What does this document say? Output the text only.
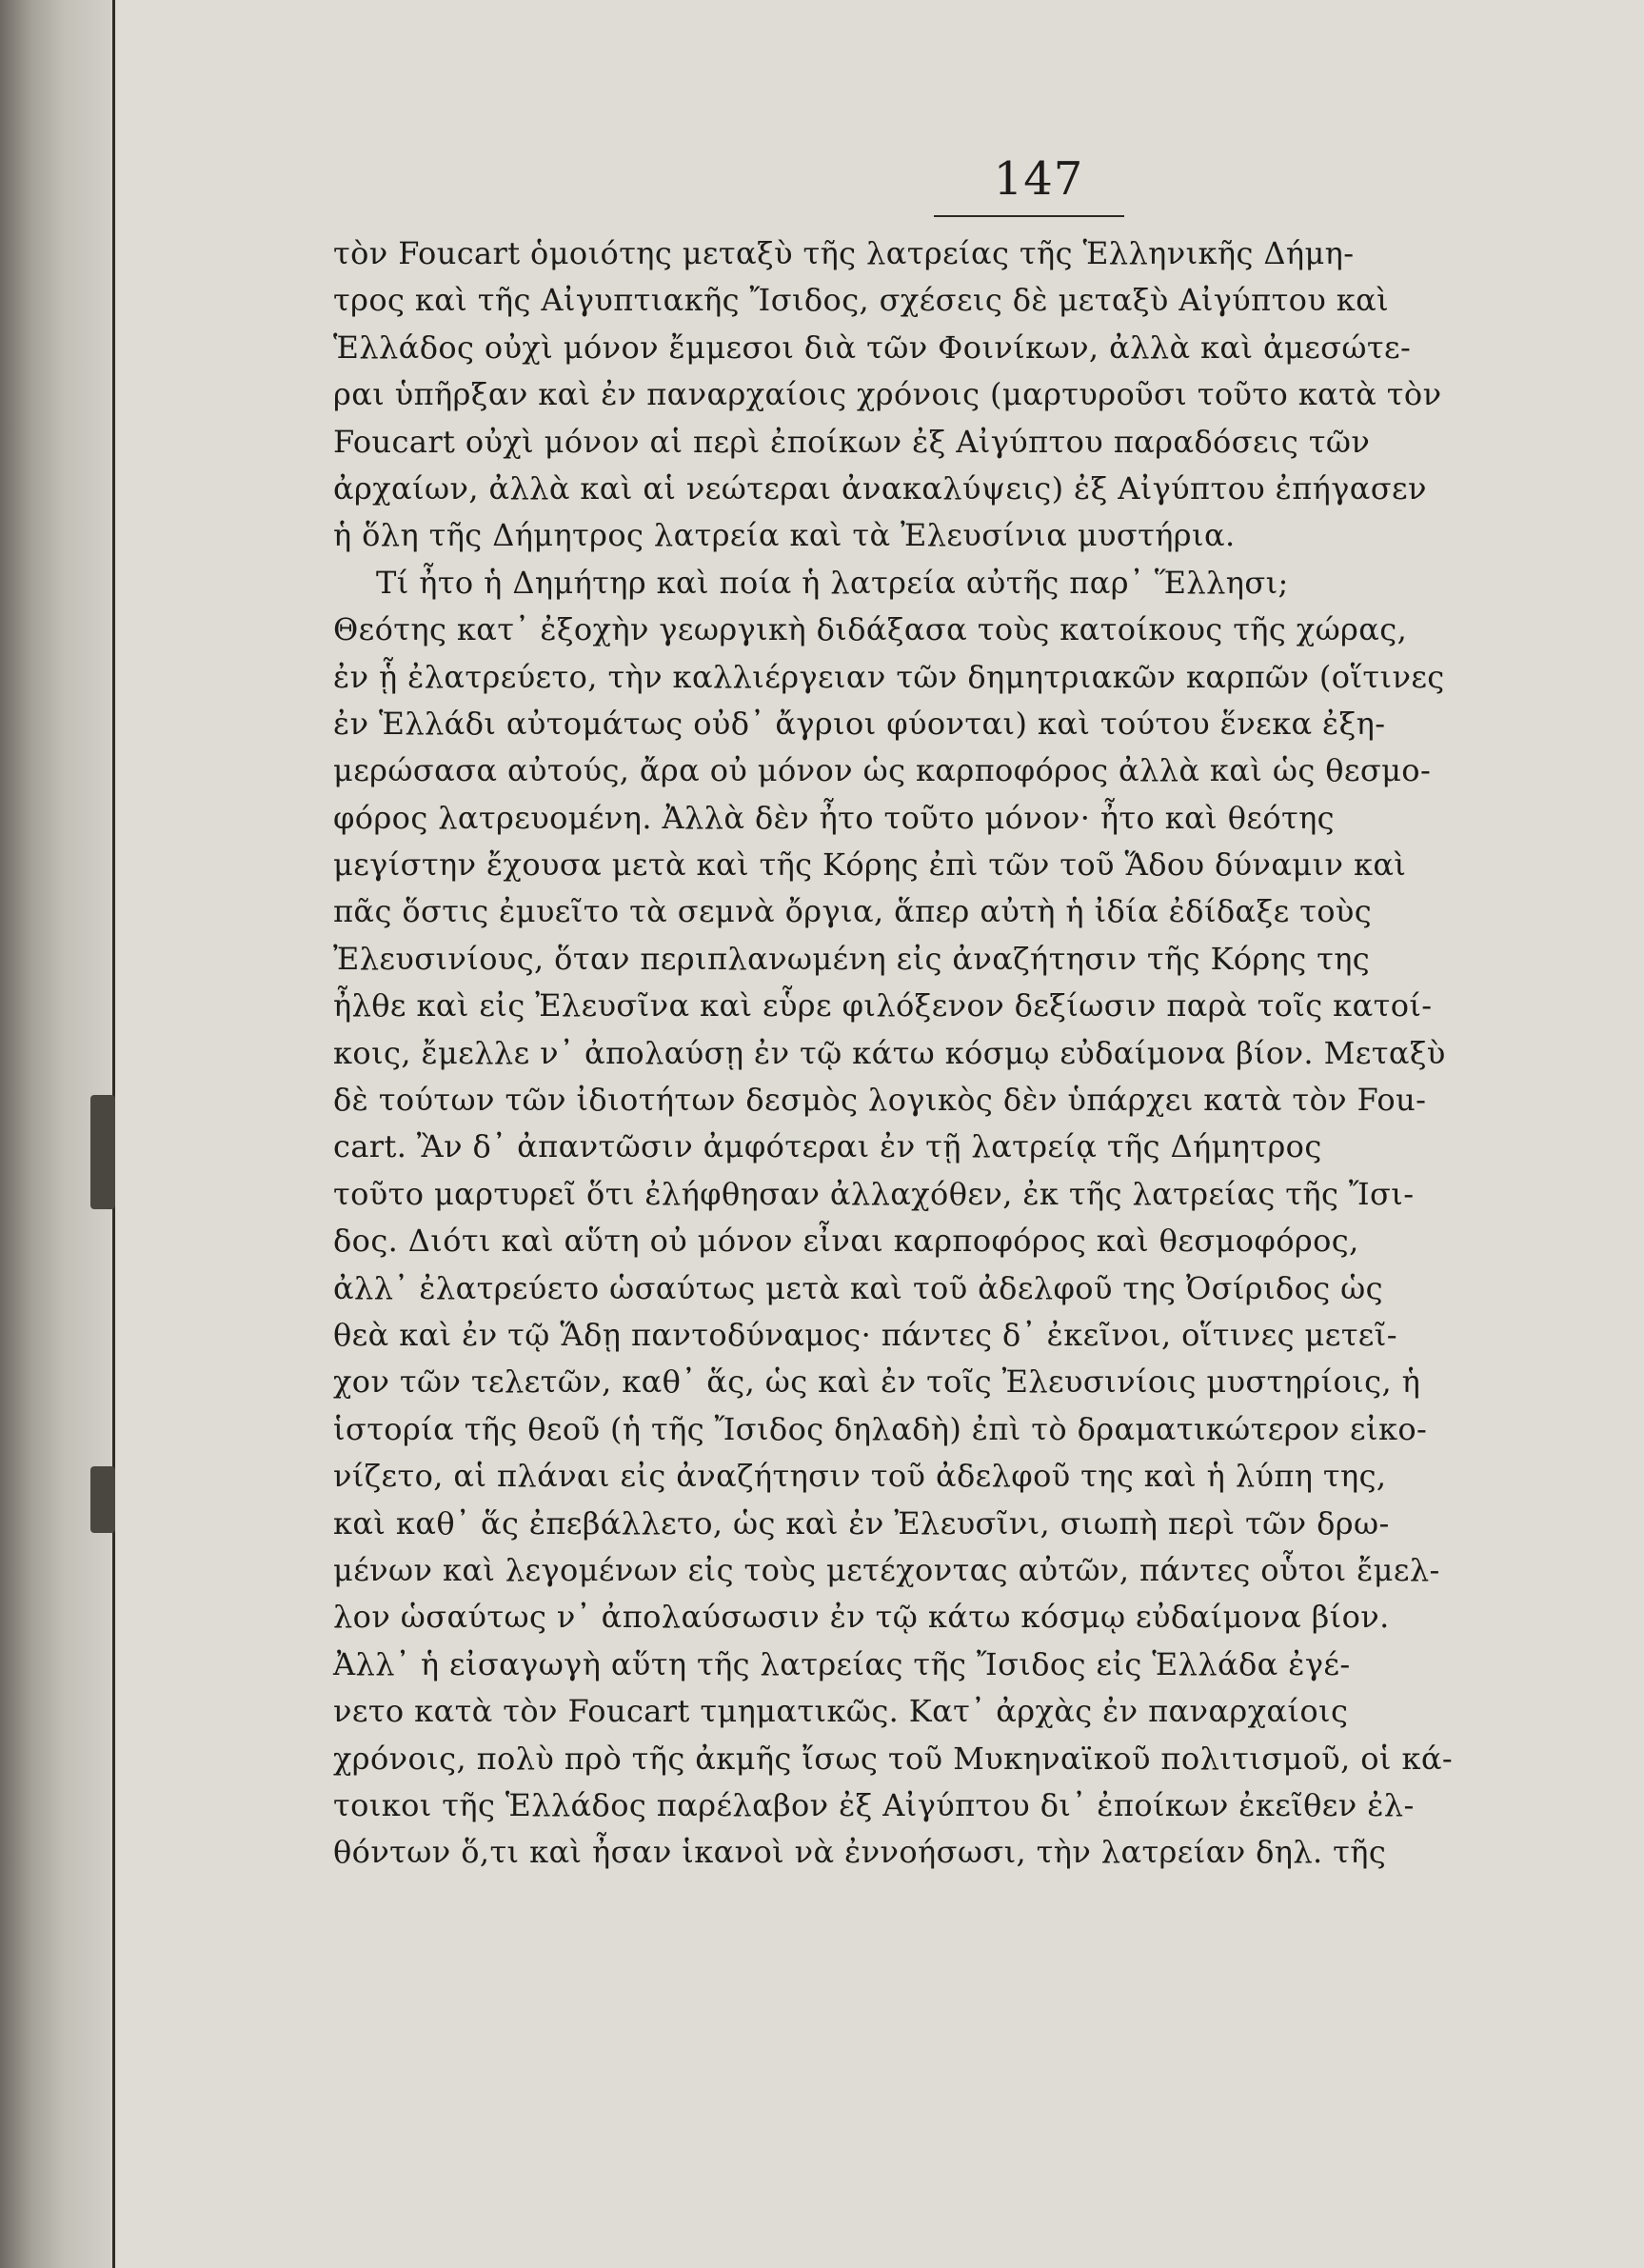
147
τὸν Foucart ὁμοιότης μεταξὺ τῆς λατρείας τῆς Ἑλληνικῆς Δήμη-
τρος καὶ τῆς Αἰγυπτιακῆς Ἴσιδος, σχέσεις δὲ μεταξὺ Αἰγύπτου καὶ
Ἑλλάδος οὐχὶ μόνον ἔμμεσοι διὰ τῶν Φοινίκων, ἀλλὰ καὶ ἀμεσώτε-
ραι ὑπῆρξαν καὶ ἐν παναρχαίοις χρόνοις (μαρτυροῦσι τοῦτο κατὰ τὸν
Foucart οὐχὶ μόνον αἱ περὶ ἐποίκων ἐξ Αἰγύπτου παραδόσεις τῶν
ἀρχαίων, ἀλλὰ καὶ αἱ νεώτεραι ἀνακαλύψεις) ἐξ Αἰγύπτου ἐπήγασεν
ἡ ὅλη τῆς Δήμητρος λατρεία καὶ τὰ Ἐλευσίνια μυστήρια.
Τί ἦτο ἡ Δημήτηρ καὶ ποία ἡ λατρεία αὐτῆς παρ᾽ Ἕλλησι;
Θεότης κατ᾽ ἐξοχὴν γεωργικὴ διδάξασα τοὺς κατοίκους τῆς χώρας,
ἐν ᾗ ἐλατρεύετο, τὴν καλλιέργειαν τῶν δημητριακῶν καρπῶν (οἵτινες
ἐν Ἑλλάδι αὐτομάτως οὐδ᾽ ἄγριοι φύονται) καὶ τούτου ἕνεκα ἐξη-
μερώσασα αὐτούς, ἄρα οὐ μόνον ὡς καρποφόρος ἀλλὰ καὶ ὡς θεσμο-
φόρος λατρευομένη. Ἀλλὰ δὲν ἦτο τοῦτο μόνον· ἦτο καὶ θεότης
μεγίστην ἔχουσα μετὰ καὶ τῆς Κόρης ἐπὶ τῶν τοῦ Ἅδου δύναμιν καὶ
πᾶς ὅστις ἐμυεῖτο τὰ σεμνὰ ὄργια, ἅπερ αὐτὴ ἡ ἰδία ἐδίδαξε τοὺς
Ἐλευσινίους, ὅταν περιπλανωμένη εἰς ἀναζήτησιν τῆς Κόρης της
ἦλθε καὶ εἰς Ἐλευσῖνα καὶ εὗρε φιλόξενον δεξίωσιν παρὰ τοῖς κατοί-
κοις, ἔμελλε ν᾽ ἀπολαύσῃ ἐν τῷ κάτω κόσμῳ εὐδαίμονα βίον. Μεταξὺ
δὲ τούτων τῶν ἰδιοτήτων δεσμὸς λογικὸς δὲν ὑπάρχει κατὰ τὸν Fou-
cart. Ἂν δ᾽ ἀπαντῶσιν ἀμφότεραι ἐν τῇ λατρείᾳ τῆς Δήμητρος
τοῦτο μαρτυρεῖ ὅτι ἐλήφθησαν ἀλλαχόθεν, ἐκ τῆς λατρείας τῆς Ἴσι-
δος. Διότι καὶ αὕτη οὐ μόνον εἶναι καρποφόρος καὶ θεσμοφόρος,
ἀλλ᾽ ἐλατρεύετο ὡσαύτως μετὰ καὶ τοῦ ἀδελφοῦ της Ὀσίριδος ὡς
θεὰ καὶ ἐν τῷ Ἅδῃ παντοδύναμος· πάντες δ᾽ ἐκεῖνοι, οἵτινες μετεῖ-
χον τῶν τελετῶν, καθ᾽ ἅς, ὡς καὶ ἐν τοῖς Ἐλευσινίοις μυστηρίοις, ἡ
ἱστορία τῆς θεοῦ (ἡ τῆς Ἴσιδος δηλαδὴ) ἐπὶ τὸ δραματικώτερον εἰκο-
νίζετο, αἱ πλάναι εἰς ἀναζήτησιν τοῦ ἀδελφοῦ της καὶ ἡ λύπη της,
καὶ καθ᾽ ἅς ἐπεβάλλετο, ὡς καὶ ἐν Ἐλευσῖνι, σιωπὴ περὶ τῶν δρω-
μένων καὶ λεγομένων εἰς τοὺς μετέχοντας αὐτῶν, πάντες οὗτοι ἔμελ-
λον ὡσαύτως ν᾽ ἀπολαύσωσιν ἐν τῷ κάτω κόσμῳ εὐδαίμονα βίον.
Ἀλλ᾽ ἡ εἰσαγωγὴ αὕτη τῆς λατρείας τῆς Ἴσιδος εἰς Ἑλλάδα ἐγέ-
νετο κατὰ τὸν Foucart τμηματικῶς. Κατ᾽ ἀρχὰς ἐν παναρχαίοις
χρόνοις, πολὺ πρὸ τῆς ἀκμῆς ἴσως τοῦ Μυκηναϊκοῦ πολιτισμοῦ, οἱ κά-
τοικοι τῆς Ἑλλάδος παρέλαβον ἐξ Αἰγύπτου δι᾽ ἐποίκων ἐκεῖθεν ἐλ-
θόντων ὅ,τι καὶ ἦσαν ἱκανοὶ νὰ ἐννοήσωσι, τὴν λατρείαν δηλ. τῆς
